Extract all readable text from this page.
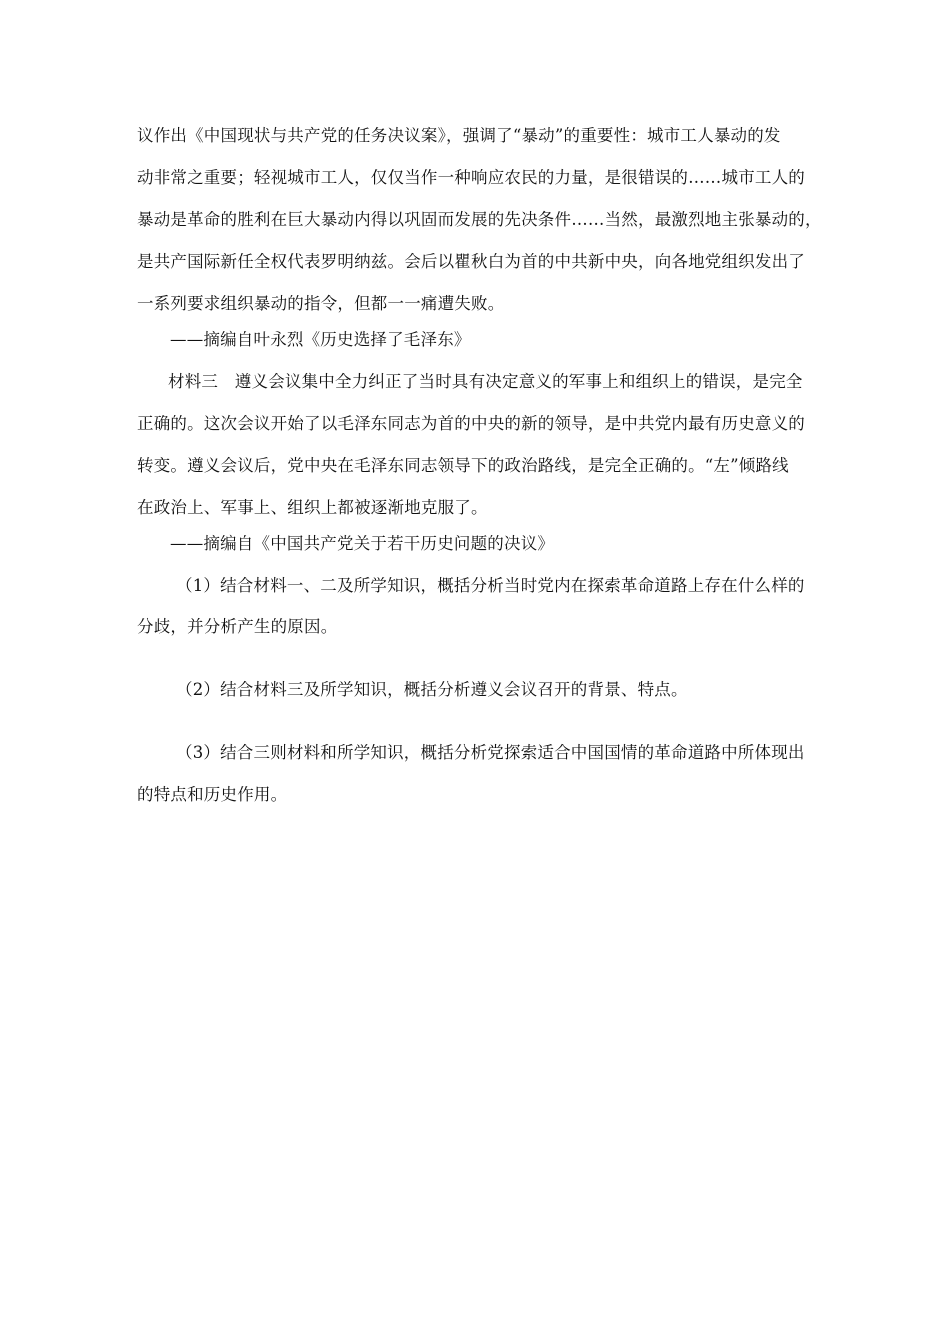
议作出《中国现状与共产党的任务决议案》，强调了“暴动”的重要性：城市工人暴动的发
动非常之重要；轻视城市工人，仅仅当作一种响应农民的力量，是很错误的……城市工人的
暴动是革命的胜利在巨大暴动内得以巩固而发展的先决条件……当然，最激烈地主张暴动的，
是共产国际新任全权代表罗明纳兹。会后以瞿秋白为首的中共新中央，向各地党组织发出了
一系列要求组织暴动的指令，但都一一痛遭失败。
——摘编自叶永烈《历史选择了毛泽东》
材料三　遵义会议集中全力纠正了当时具有决定意义的军事上和组织上的错误，是完全
正确的。这次会议开始了以毛泽东同志为首的中央的新的领导，是中共党内最有历史意义的
转变。遵义会议后，党中央在毛泽东同志领导下的政治路线，是完全正确的。“左”倾路线
在政治上、军事上、组织上都被逐渐地克服了。
——摘编自《中国共产党关于若干历史问题的决议》
（1）结合材料一、二及所学知识，概括分析当时党内在探索革命道路上存在什么样的
分歧，并分析产生的原因。
（2）结合材料三及所学知识，概括分析遵义会议召开的背景、特点。
（3）结合三则材料和所学知识，概括分析党探索适合中国国情的革命道路中所体现出
的特点和历史作用。
